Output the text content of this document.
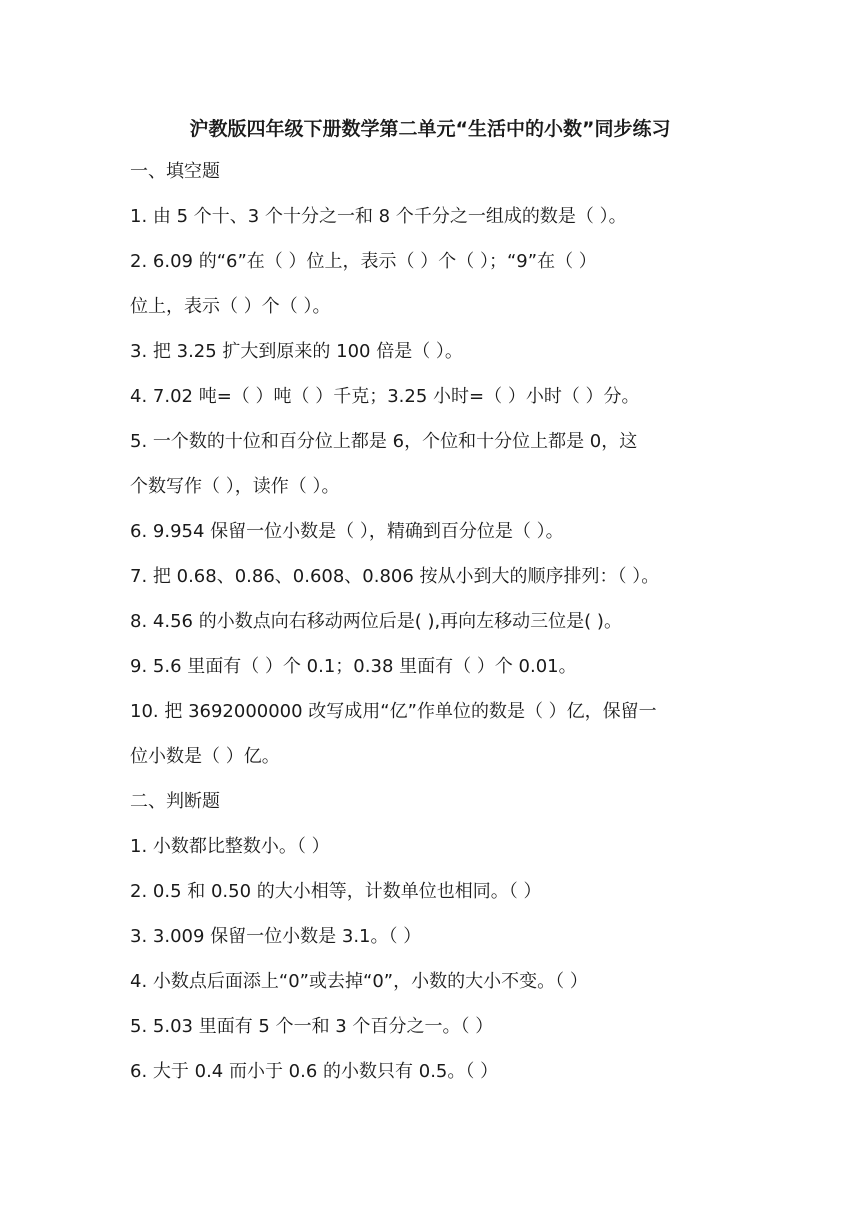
沪教版四年级下册数学第二单元“生活中的小数”同步练习
一、填空题
1. 由 5 个十、3 个十分之一和 8 个千分之一组成的数是（ ）。
2. 6.09 的“6”在（ ）位上，表示（ ）个（ ）；“9”在（ ）
位上，表示（ ）个（ ）。
3. 把 3.25 扩大到原来的 100 倍是（ ）。
4. 7.02 吨=（ ）吨（ ）千克；3.25 小时=（ ）小时（ ）分。
5. 一个数的十位和百分位上都是 6，个位和十分位上都是 0，这
个数写作（ ），读作（ ）。
6. 9.954 保留一位小数是（ ），精确到百分位是（ ）。
7. 把 0.68、0.86、0.608、0.806 按从小到大的顺序排列：（ ）。
8. 4.56 的小数点向右移动两位后是( ),再向左移动三位是( )。
9. 5.6 里面有（ ）个 0.1；0.38 里面有（ ）个 0.01。
10. 把 3692000000 改写成用“亿”作单位的数是（ ）亿，保留一
位小数是（ ）亿。
二、判断题
1. 小数都比整数小。（ ）
2. 0.5 和 0.50 的大小相等，计数单位也相同。（ ）
3. 3.009 保留一位小数是 3.1。（ ）
4. 小数点后面添上“0”或去掉“0”，小数的大小不变。（ ）
5. 5.03 里面有 5 个一和 3 个百分之一。（ ）
6. 大于 0.4 而小于 0.6 的小数只有 0.5。（ ）
